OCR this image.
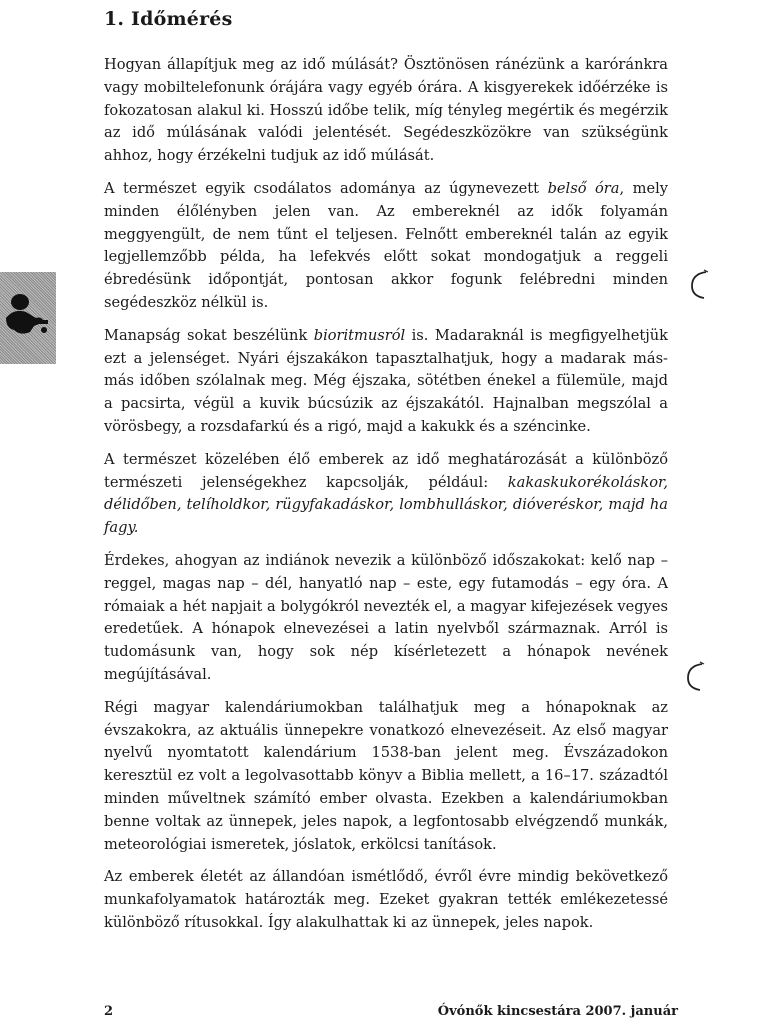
1. Időmérés

Hogyan állapítjuk meg az idő múlását? Ösztönösen ránézünk a karóránkra vagy mobiltelefonunk órájára vagy egyéb órára. A kisgyerekek időérzéke is fokozatosan alakul ki. Hosszú időbe telik, míg tényleg megértik és megérzik az idő múlásának valódi jelentését. Segédeszközökre van szükségünk ahhoz, hogy érzékelni tudjuk az idő múlását.

A természet egyik csodálatos adománya az úgynevezett belső óra, mely minden élőlényben jelen van. Az embereknél az idők folyamán meggyengült, de nem tűnt el teljesen. Felnőtt embereknél talán az egyik legjellemzőbb példa, ha lefekvés előtt sokat mondogatjuk a reggeli ébredésünk időpontját, pontosan akkor fogunk felébredni minden segédeszköz nélkül is.

Manapság sokat beszélünk bioritmusról is. Madaraknál is megfigyelhetjük ezt a jelenséget. Nyári éjszakákon tapasztalhatjuk, hogy a madarak más-más időben szólalnak meg. Még éjszaka, sötétben énekel a fülemüle, majd a pacsirta, végül a kuvik búcsúzik az éjszakától. Hajnalban megszólal a vörösbegy, a rozsdafarkú és a rigó, majd a kakukk és a széncinke.

A természet közelében élő emberek az idő meghatározását a különböző természeti jelenségekhez kapcsolják, például: kakaskukorékoláskor, délidőben, telíholdkor, rügyfakadáskor, lombhulláskor, dióveréskor, majd ha fagy.

Érdekes, ahogyan az indiánok nevezik a különböző időszakokat: kelő nap – reggel, magas nap – dél, hanyatló nap – este, egy futamodás – egy óra. A rómaiak a hét napjait a bolygókról nevezték el, a magyar kifejezések vegyes eredetűek. A hónapok elnevezései a latin nyelvből származnak. Arról is tudomásunk van, hogy sok nép kísérletezett a hónapok nevének megújításával.

Régi magyar kalendáriumokban találhatjuk meg a hónapoknak az évszakokra, az aktuális ünnepekre vonatkozó elnevezéseit. Az első magyar nyelvű nyomtatott kalendárium 1538-ban jelent meg. Évszázadokon keresztül ez volt a legolvasottabb könyv a Biblia mellett, a 16–17. századtól minden műveltnek számító ember olvasta. Ezekben a kalendáriumokban benne voltak az ünnepek, jeles napok, a legfontosabb elvégzendő munkák, meteorológiai ismeretek, jóslatok, erkölcsi tanítások.

Az emberek életét az állandóan ismétlődő, évről évre mindig bekövetkező munkafolyamatok határozták meg. Ezeket gyakran tették emlékezetessé különböző rítusokkal. Így alakulhattak ki az ünnepek, jeles napok.

2	Óvónők kincsestára 2007. január
